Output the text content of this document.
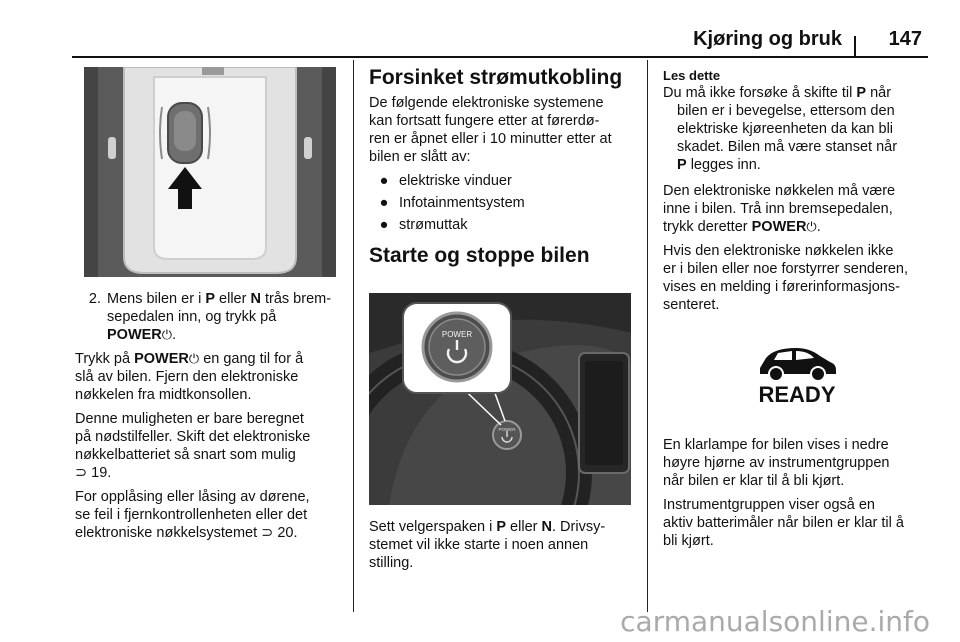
Kjøring og bruk 147
2. Mens bilen er i P eller N trås brem-
sepedalen inn, og trykk på
POWER⏻.

Trykk på POWER⏻ en gang til for å
slå av bilen. Fjern den elektroniske
nøkkelen fra midtkonsollen.

Denne muligheten er bare beregnet
på nødstilfeller. Skift det elektroniske
nøkkelbatteriet så snart som mulig
⊃ 19.

For opplåsing eller låsing av dørene,
se feil i fjernkontrollenheten eller det
elektroniske nøkkelsystemet ⊃ 20.

Forsinket strømutkobling

De følgende elektroniske systemene
kan fortsatt fungere etter at førerdø-
ren er åpnet eller i 10 minutter etter at
bilen er slått av:

● elektriske vinduer
● Infotainmentsystem
● strømuttak
Starte og stoppe bilen
POWER
POWER

Sett velgerspaken i P eller N. Drivsy-
stemet vil ikke starte i noen annen
stilling.

Les dette

Du må ikke forsøke å skifte til P når
bilen er i bevegelse, ettersom den
elektriske kjøreenheten da kan bli
skadet. Bilen må være stanset når
P legges inn.

Den elektroniske nøkkelen må være
inne i bilen. Trå inn bremsepedalen,
trykk deretter POWER⏻.

Hvis den elektroniske nøkkelen ikke
er i bilen eller noe forstyrrer senderen,
vises en melding i førerinformasjons-
senteret.

READY

En klarlampe for bilen vises i nedre
høyre hjørne av instrumentgruppen
når bilen er klar til å bli kjørt.

Instrumentgruppen viser også en
aktiv batterimåler når bilen er klar til å
bli kjørt.

carmanualsonline.info
